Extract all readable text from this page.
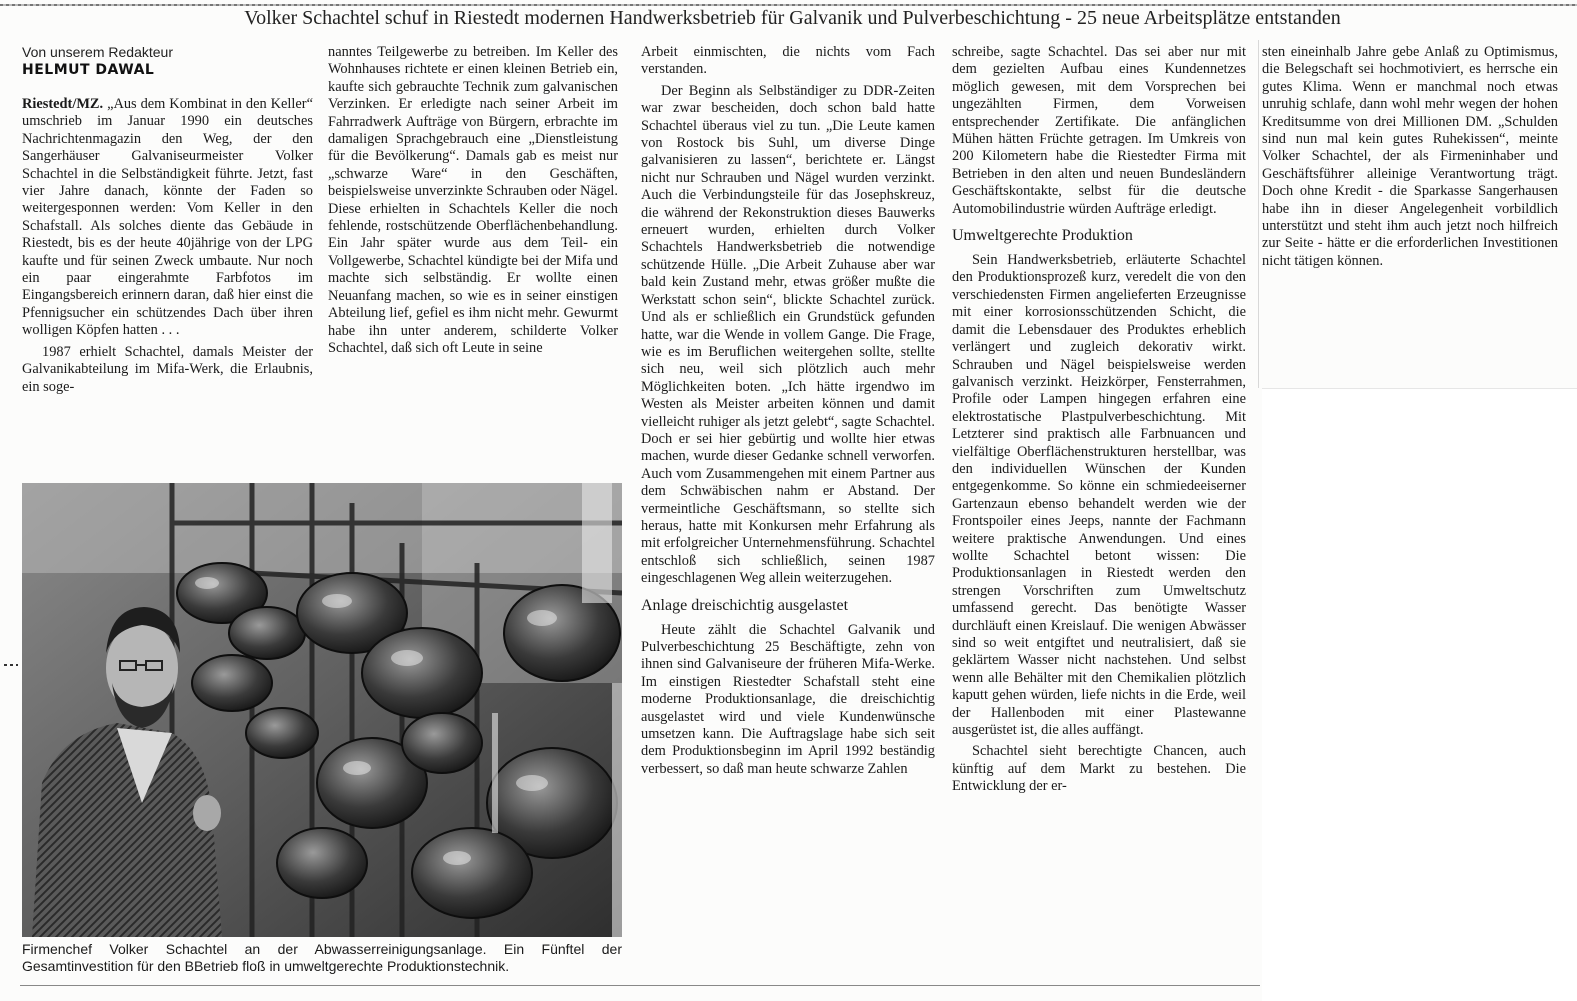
Volker Schachtel schuf in Riestedt modernen Handwerksbetrieb für Galvanik und Pulverbeschichtung - 25 neue Arbeitsplätze entstanden
Von unserem Redakteur
HELMUT DAWAL

Riestedt/MZ. „Aus dem Kombinat in den Keller“ umschrieb im Januar 1990 ein deutsches Nachrichtenmagazin den Weg, der den Sangerhäuser Galvaniseurmeister Volker Schachtel in die Selbständigkeit führte. Jetzt, fast vier Jahre danach, könnte der Faden so weitergesponnen werden: Vom Keller in den Schafstall. Als solches diente das Gebäude in Riestedt, bis es der heute 40jährige von der LPG kaufte und für seinen Zweck umbaute. Nur noch ein paar eingerahmte Farbfotos im Eingangsbereich erinnern daran, daß hier einst die Pfennigsucher ein schützendes Dach über ihren wolligen Köpfen hatten . . .

1987 erhielt Schachtel, damals Meister der Galvanikabteilung im Mifa-Werk, die Erlaubnis, ein soge-

nanntes Teilgewerbe zu betreiben. Im Keller des Wohnhauses richtete er einen kleinen Betrieb ein, kaufte sich gebrauchte Technik zum galvanischen Verzinken. Er erledigte nach seiner Arbeit im Fahrradwerk Aufträge von Bürgern, erbrachte im damaligen Sprachgebrauch eine „Dienstleistung für die Bevölkerung“. Damals gab es meist nur „schwarze Ware“ in den Geschäften, beispielsweise unverzinkte Schrauben oder Nägel. Diese erhielten in Schachtels Keller die noch fehlende, rostschützende Oberflächenbehandlung. Ein Jahr später wurde aus dem Teil- ein Vollgewerbe, Schachtel kündigte bei der Mifa und machte sich selbständig. Er wollte einen Neuanfang machen, so wie es in seiner einstigen Abteilung lief, gefiel es ihm nicht mehr. Gewurmt habe ihn unter anderem, schilderte Volker Schachtel, daß sich oft Leute in seine

Arbeit einmischten, die nichts vom Fach verstanden.

Der Beginn als Selbständiger zu DDR-Zeiten war zwar bescheiden, doch schon bald hatte Schachtel überaus viel zu tun. „Die Leute kamen von Rostock bis Suhl, um diverse Dinge galvanisieren zu lassen“, berichtete er. Längst nicht nur Schrauben und Nägel wurden verzinkt. Auch die Verbindungsteile für das Josephskreuz, die während der Rekonstruktion dieses Bauwerks erneuert wurden, erhielten durch Volker Schachtels Handwerksbetrieb die notwendige schützende Hülle. „Die Arbeit Zuhause aber war bald kein Zustand mehr, etwas größer mußte die Werkstatt schon sein“, blickte Schachtel zurück. Und als er schließlich ein Grundstück gefunden hatte, war die Wende in vollem Gange. Die Frage, wie es im Beruflichen weitergehen sollte, stellte sich neu, weil sich plötzlich auch mehr Möglichkeiten boten. „Ich hätte irgendwo im Westen als Meister arbeiten können und damit vielleicht ruhiger als jetzt gelebt“, sagte Schachtel. Doch er sei hier gebürtig und wollte hier etwas machen, wurde dieser Gedanke schnell verworfen. Auch vom Zusammengehen mit einem Partner aus dem Schwäbischen nahm er Abstand. Der vermeintliche Geschäftsmann, so stellte sich heraus, hatte mit Konkursen mehr Erfahrung als mit erfolgreicher Unternehmensführung. Schachtel entschloß sich schließlich, seinen 1987 eingeschlagenen Weg allein weiterzugehen.

Anlage dreischichtig ausgelastet

Heute zählt die Schachtel Galvanik und Pulverbeschichtung 25 Beschäftigte, zehn von ihnen sind Galvaniseure der früheren Mifa-Werke. Im einstigen Riestedter Schafstall steht eine moderne Produktionsanlage, die dreischichtig ausgelastet wird und viele Kundenwünsche umsetzen kann. Die Auftragslage habe sich seit dem Produktionsbeginn im April 1992 beständig verbessert, so daß man heute schwarze Zahlen

schreibe, sagte Schachtel. Das sei aber nur mit dem gezielten Aufbau eines Kundennetzes möglich gewesen, mit dem Vorsprechen bei ungezählten Firmen, dem Vorweisen entsprechender Zertifikate. Die anfänglichen Mühen hätten Früchte getragen. Im Umkreis von 200 Kilometern habe die Riestedter Firma mit Betrieben in den alten und neuen Bundesländern Geschäftskontakte, selbst für die deutsche Automobilindustrie würden Aufträge erledigt.

Umweltgerechte Produktion

Sein Handwerksbetrieb, erläuterte Schachtel den Produktionsprozeß kurz, veredelt die von den verschiedensten Firmen angelieferten Erzeugnisse mit einer korrosionsschützenden Schicht, die damit die Lebensdauer des Produktes erheblich verlängert und zugleich dekorativ wirkt. Schrauben und Nägel beispielsweise werden galvanisch verzinkt. Heizkörper, Fensterrahmen, Profile oder Lampen hingegen erfahren eine elektrostatische Plastpulverbeschichtung. Mit Letzterer sind praktisch alle Farbnuancen und vielfältige Oberflächenstrukturen herstellbar, was den individuellen Wünschen der Kunden entgegenkomme. So könne ein schmiedeeiserner Gartenzaun ebenso behandelt werden wie der Frontspoiler eines Jeeps, nannte der Fachmann weitere praktische Anwendungen. Und eines wollte Schachtel betont wissen: Die Produktionsanlagen in Riestedt werden den strengen Vorschriften zum Umweltschutz umfassend gerecht. Das benötigte Wasser durchläuft einen Kreislauf. Die wenigen Abwässer sind so weit entgiftet und neutralisiert, daß sie geklärtem Wasser nicht nachstehen. Und selbst wenn alle Behälter mit den Chemikalien plötzlich kaputt gehen würden, liefe nichts in die Erde, weil der Hallenboden mit einer Plastewanne ausgerüstet ist, die alles auffängt.

Schachtel sieht berechtigte Chancen, auch künftig auf dem Markt zu bestehen. Die Entwicklung der er-

sten eineinhalb Jahre gebe Anlaß zu Optimismus, die Belegschaft sei hochmotiviert, es herrsche ein gutes Klima. Wenn er manchmal noch etwas unruhig schlafe, dann wohl mehr wegen der hohen Kreditsumme von drei Millionen DM. „Schulden sind nun mal kein gutes Ruhekissen“, meinte Volker Schachtel, der als Firmeninhaber und Geschäftsführer alleinige Verantwortung trägt. Doch ohne Kredit - die Sparkasse Sangerhausen habe ihn in dieser Angelegenheit vorbildlich unterstützt und steht ihm auch jetzt noch hilfreich zur Seite - hätte er die erforderlichen Investitionen nicht tätigen können.

Firmenchef Volker Schachtel an der Abwasserreinigungsanlage. Ein Fünftel der Gesamtinvestition für den BBetrieb floß in umweltgerechte Produktionstechnik.
